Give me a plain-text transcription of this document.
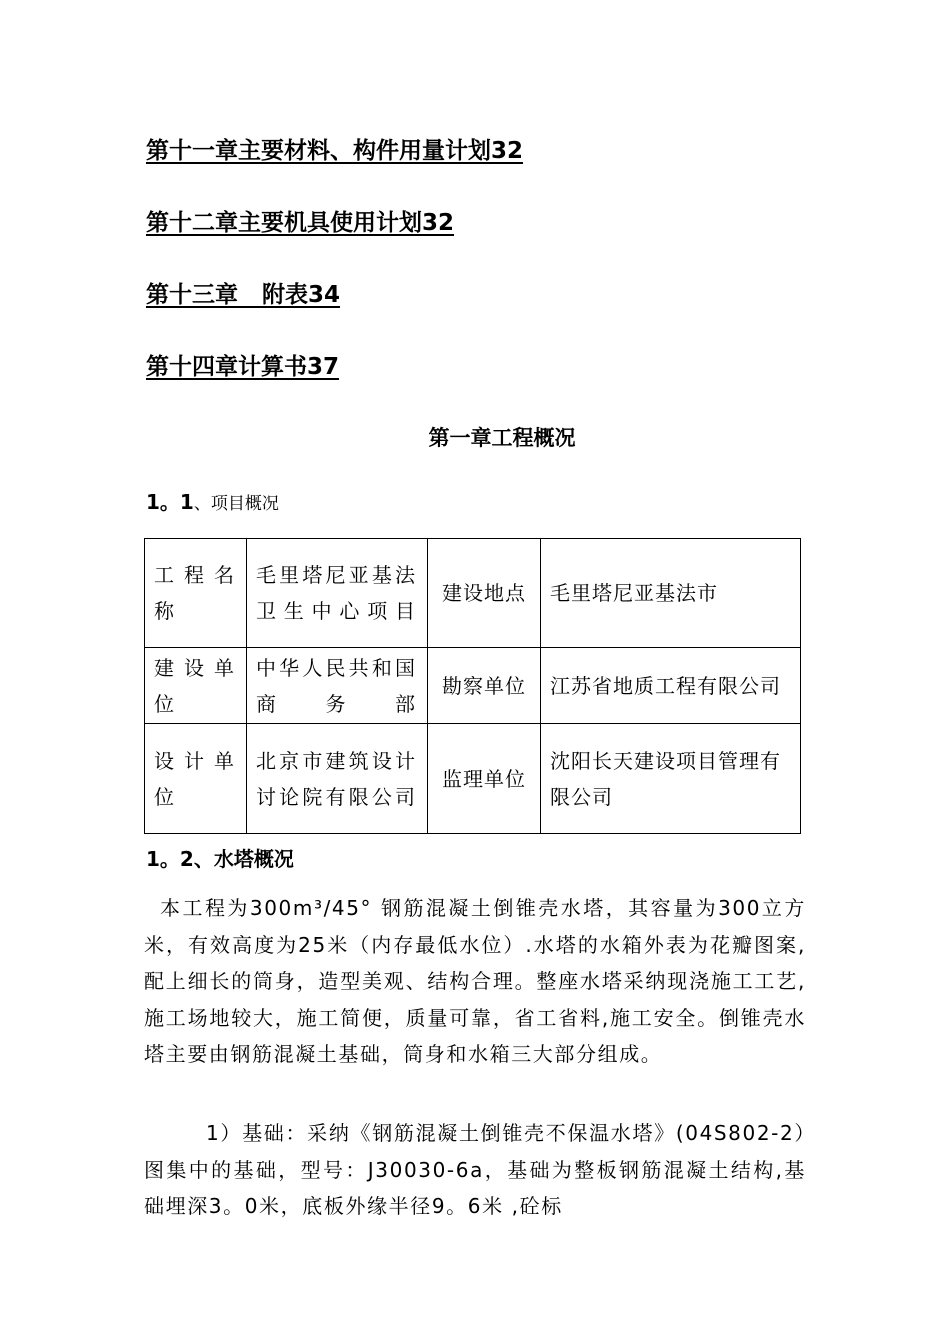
第十一章主要材料、构件用量计划32
第十二章主要机具使用计划32
第十三章   附表34
第十四章计算书37
第一章工程概况
1。1、项目概况
工程名称	毛里塔尼亚基法卫生中心项目	建设地点	毛里塔尼亚基法市
建设单位	中华人民共和国商务部	勘察单位	江苏省地质工程有限公司
设计单位	北京市建筑设计讨论院有限公司	监理单位	沈阳长天建设项目管理有限公司
1。2、水塔概况
本工程为300m³/45° 钢筋混凝土倒锥壳水塔，其容量为300立方米，有效高度为25米（内存最低水位）.水塔的水箱外表为花瓣图案,配上细长的筒身，造型美观、结构合理。整座水塔采纳现浇施工工艺,施工场地较大，施工简便，质量可靠，省工省料,施工安全。倒锥壳水塔主要由钢筋混凝土基础，筒身和水箱三大部分组成。
1）基础：采纳《钢筋混凝土倒锥壳不保温水塔》(04S802-2）图集中的基础，型号：J30030-6a，基础为整板钢筋混凝土结构,基础埋深3。0米，底板外缘半径9。6米 ,砼标
